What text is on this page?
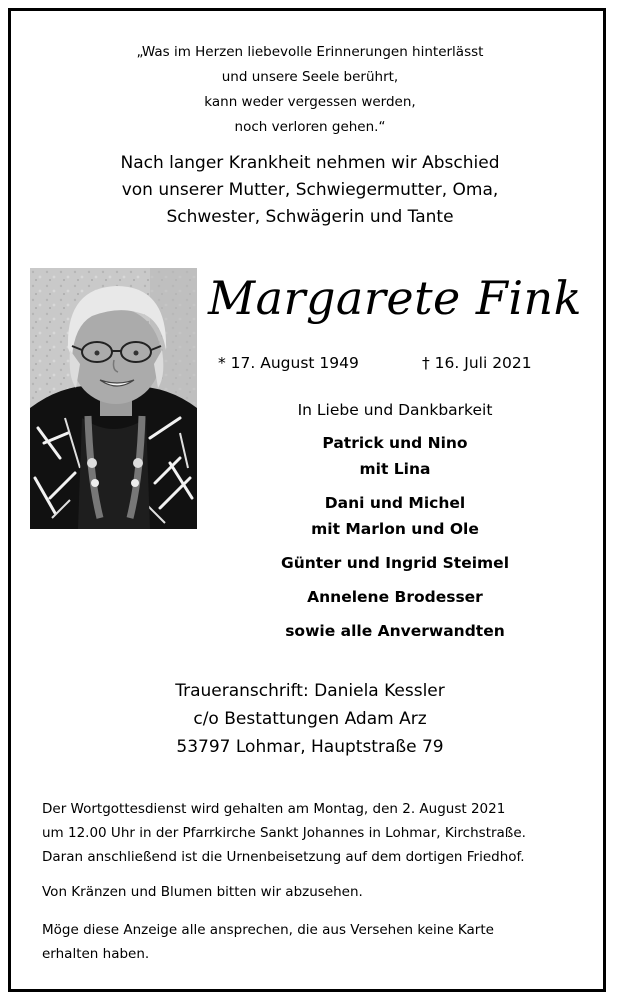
„Was im Herzen liebevolle Erinnerungen hinterlässt
und unsere Seele berührt,
kann weder vergessen werden,
noch verloren gehen.“
Nach langer Krankheit nehmen wir Abschied
von unserer Mutter, Schwiegermutter, Oma,
Schwester, Schwägerin und Tante
Margarete Fink
* 17. August 1949	† 16. Juli 2021
In Liebe und Dankbarkeit
Patrick und Nino
mit Lina
Dani und Michel
mit Marlon und Ole
Günter und Ingrid Steimel
Annelene Brodesser
sowie alle Anverwandten
Traueranschrift: Daniela Kessler
c/o Bestattungen Adam Arz
53797 Lohmar, Hauptstraße 79
Der Wortgottesdienst wird gehalten am Montag, den 2. August 2021
um 12.00 Uhr in der Pfarrkirche Sankt Johannes in Lohmar, Kirchstraße.
Daran anschließend ist die Urnenbeisetzung auf dem dortigen Friedhof.
Von Kränzen und Blumen bitten wir abzusehen.
Möge diese Anzeige alle ansprechen, die aus Versehen keine Karte
erhalten haben.
